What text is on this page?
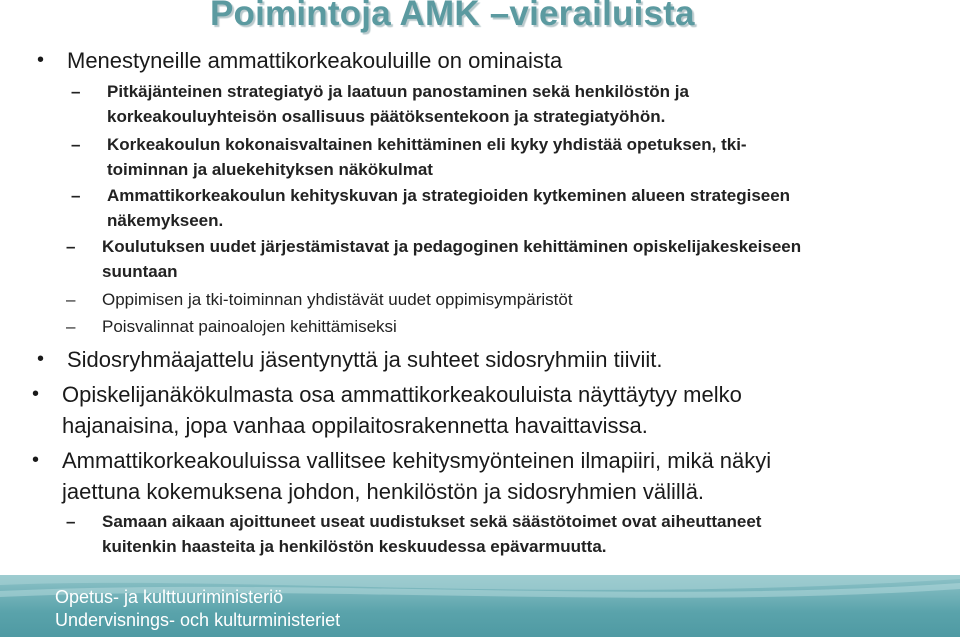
Poimintoja AMK –vierailuista
• Menestyneille ammattikorkeakouluille on ominaista
– Pitkäjänteinen strategiatyö ja laatuun panostaminen sekä henkilöstön ja
korkeakouluyhteisön osallisuus päätöksentekoon ja strategiatyöhön.
– Korkeakoulun kokonaisvaltainen kehittäminen eli kyky yhdistää opetuksen, tki-
toiminnan ja aluekehityksen näkökulmat
– Ammattikorkeakoulun kehityskuvan ja strategioiden kytkeminen alueen strategiseen
näkemykseen.
– Koulutuksen uudet järjestämistavat ja pedagoginen kehittäminen opiskelijakeskeiseen
suuntaan
– Oppimisen ja tki-toiminnan yhdistävät uudet oppimisympäristöt
– Poisvalinnat painoalojen kehittämiseksi
• Sidosryhmäajattelu jäsentynyttä ja suhteet sidosryhmiin tiiviit.
• Opiskelijanäkökulmasta osa ammattikorkeakouluista näyttäytyy melko
hajanaisina, jopa vanhaa oppilaitosrakennetta havaittavissa.
• Ammattikorkeakouluissa vallitsee kehitysmyönteinen ilmapiiri, mikä näkyi
jaettuna kokemuksena johdon, henkilöstön ja sidosryhmien välillä.
– Samaan aikaan ajoittuneet useat uudistukset sekä säästötoimet ovat aiheuttaneet
kuitenkin haasteita ja henkilöstön keskuudessa epävarmuutta.
Opetus- ja kulttuuriministeriö
Undervisnings- och kulturministeriet
